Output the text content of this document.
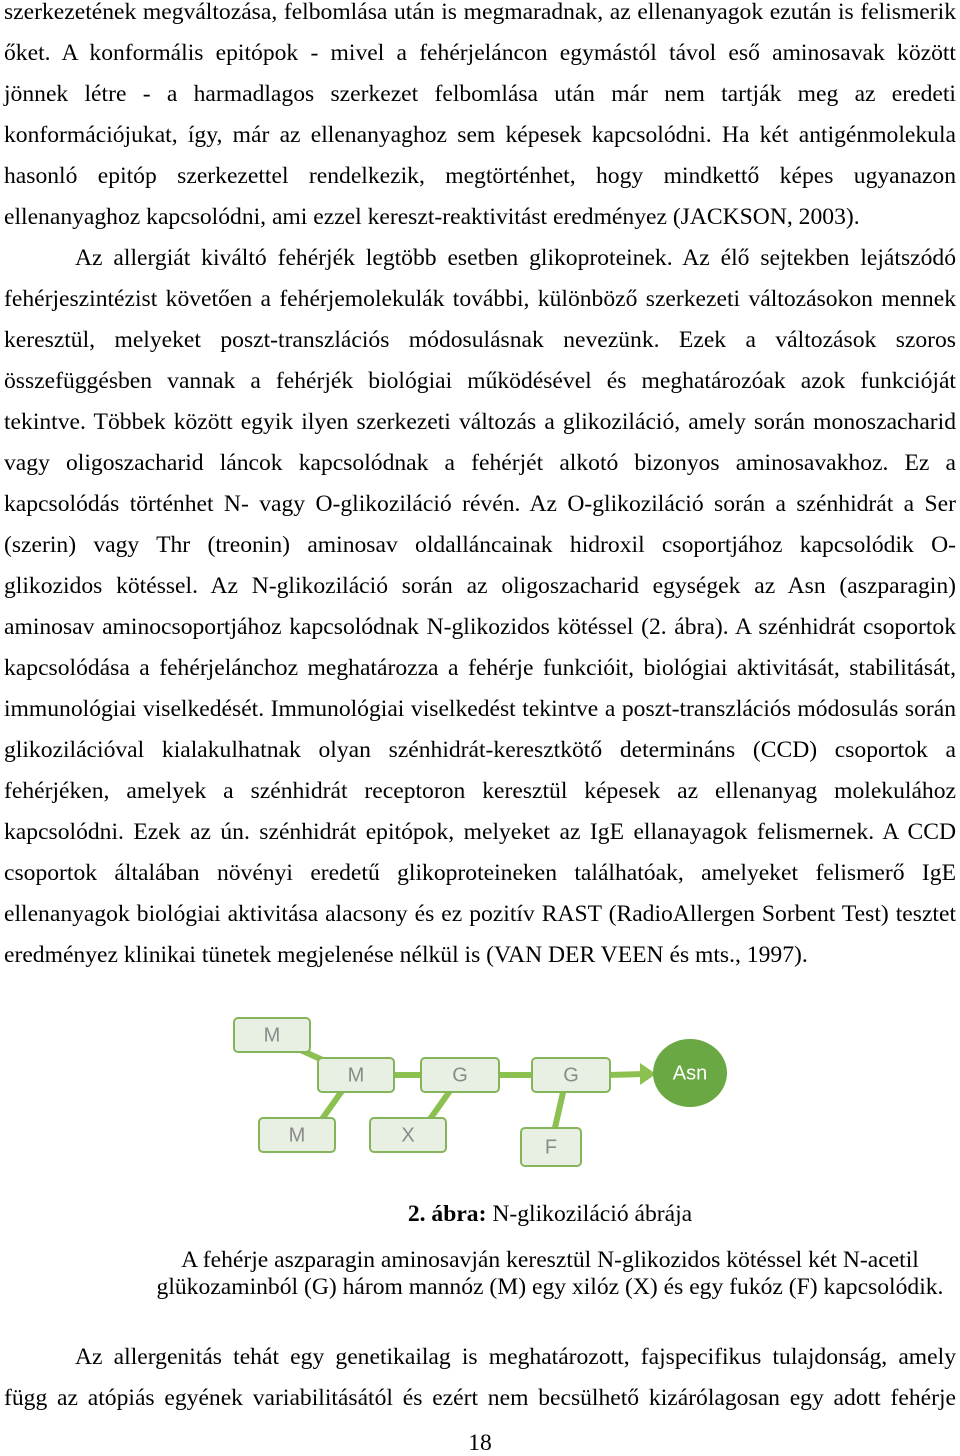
szerkezetének megváltozása, felbomlása után is megmaradnak, az ellenanyagok ezután is felismerik
őket. A konformális epitópok - mivel a fehérjeláncon egymástól távol eső aminosavak között
jönnek létre - a harmadlagos szerkezet felbomlása után már nem tartják meg az eredeti
konformációjukat, így, már az ellenanyaghoz sem képesek kapcsolódni. Ha két antigénmolekula
hasonló epitóp szerkezettel rendelkezik, megtörténhet, hogy mindkettő képes ugyanazon
ellenanyaghoz kapcsolódni, ami ezzel kereszt-reaktivitást eredményez (JACKSON, 2003).
Az allergiát kiváltó fehérjék legtöbb esetben glikoproteinek. Az élő sejtekben lejátszódó
fehérjeszintézist követően a fehérjemolekulák további, különböző szerkezeti változásokon mennek
keresztül, melyeket poszt-transzlációs módosulásnak nevezünk. Ezek a változások szoros
összefüggésben vannak a fehérjék biológiai működésével és meghatározóak azok funkcióját
tekintve. Többek között egyik ilyen szerkezeti változás a glikoziláció, amely során monoszacharid
vagy oligoszacharid láncok kapcsolódnak a fehérjét alkotó bizonyos aminosavakhoz. Ez a
kapcsolódás történhet N- vagy O-glikoziláció révén. Az O-glikoziláció során a szénhidrát a Ser
(szerin) vagy Thr (treonin) aminosav oldalláncainak hidroxil csoportjához kapcsolódik O-
glikozidos kötéssel. Az N-glikoziláció során az oligoszacharid egységek az Asn (aszparagin)
aminosav aminocsoportjához kapcsolódnak N-glikozidos kötéssel (2. ábra). A szénhidrát csoportok
kapcsolódása a fehérjelánchoz meghatározza a fehérje funkcióit, biológiai aktivitását, stabilitását,
immunológiai viselkedését. Immunológiai viselkedést tekintve a poszt-transzlációs módosulás során
glikozilációval kialakulhatnak olyan szénhidrát-keresztkötő determináns (CCD) csoportok a
fehérjéken, amelyek a szénhidrát receptoron keresztül képesek az ellenanyag molekulához
kapcsolódni. Ezek az ún. szénhidrát epitópok, melyeket az IgE ellanayagok felismernek. A CCD
csoportok általában növényi eredetű glikoproteineken találhatóak, amelyeket felismerő IgE
ellenanyagok biológiai aktivitása alacsony és ez pozitív RAST (RadioAllergen Sorbent Test) tesztet
eredményez klinikai tünetek megjelenése nélkül is (VAN DER VEEN és mts., 1997).
M
M	G	G
M	X
F
Asn
2. ábra: N-glikoziláció ábrája
A fehérje aszparagin aminosavján keresztül N-glikozidos kötéssel két N-acetil
glükozaminból (G) három mannóz (M) egy xilóz (X) és egy fukóz (F) kapcsolódik.
Az allergenitás tehát egy genetikailag is meghatározott, fajspecifikus tulajdonság, amely
függ az atópiás egyének variabilitásától és ezért nem becsülhető kizárólagosan egy adott fehérje
18
